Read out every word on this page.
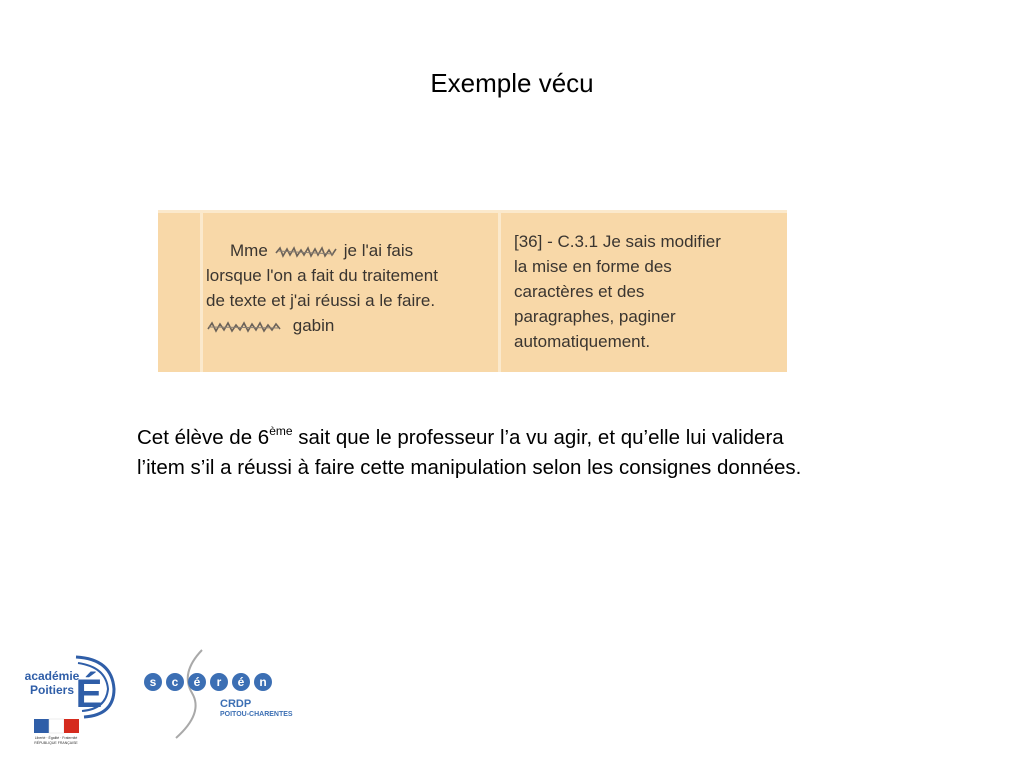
Exemple vécu
Mme	je l'ai fais
lorsque l'on a fait du traitement
de texte et j'ai réussi a le faire.
gabin
[36] - C.3.1 Je sais modifier
la mise en forme des
caractères et des
paragraphes, paginer
automatiquement.
Cet élève de 6ème sait que le professeur l’a vu agir, et qu’elle lui validera l’item s’il a réussi à faire cette manipulation selon les consignes données.
académie
Poitiers É
Liberté · Égalité · Fraternité
RÉPUBLIQUE FRANÇAISE
s c é r é n
CRDP
POITOU-CHARENTES
